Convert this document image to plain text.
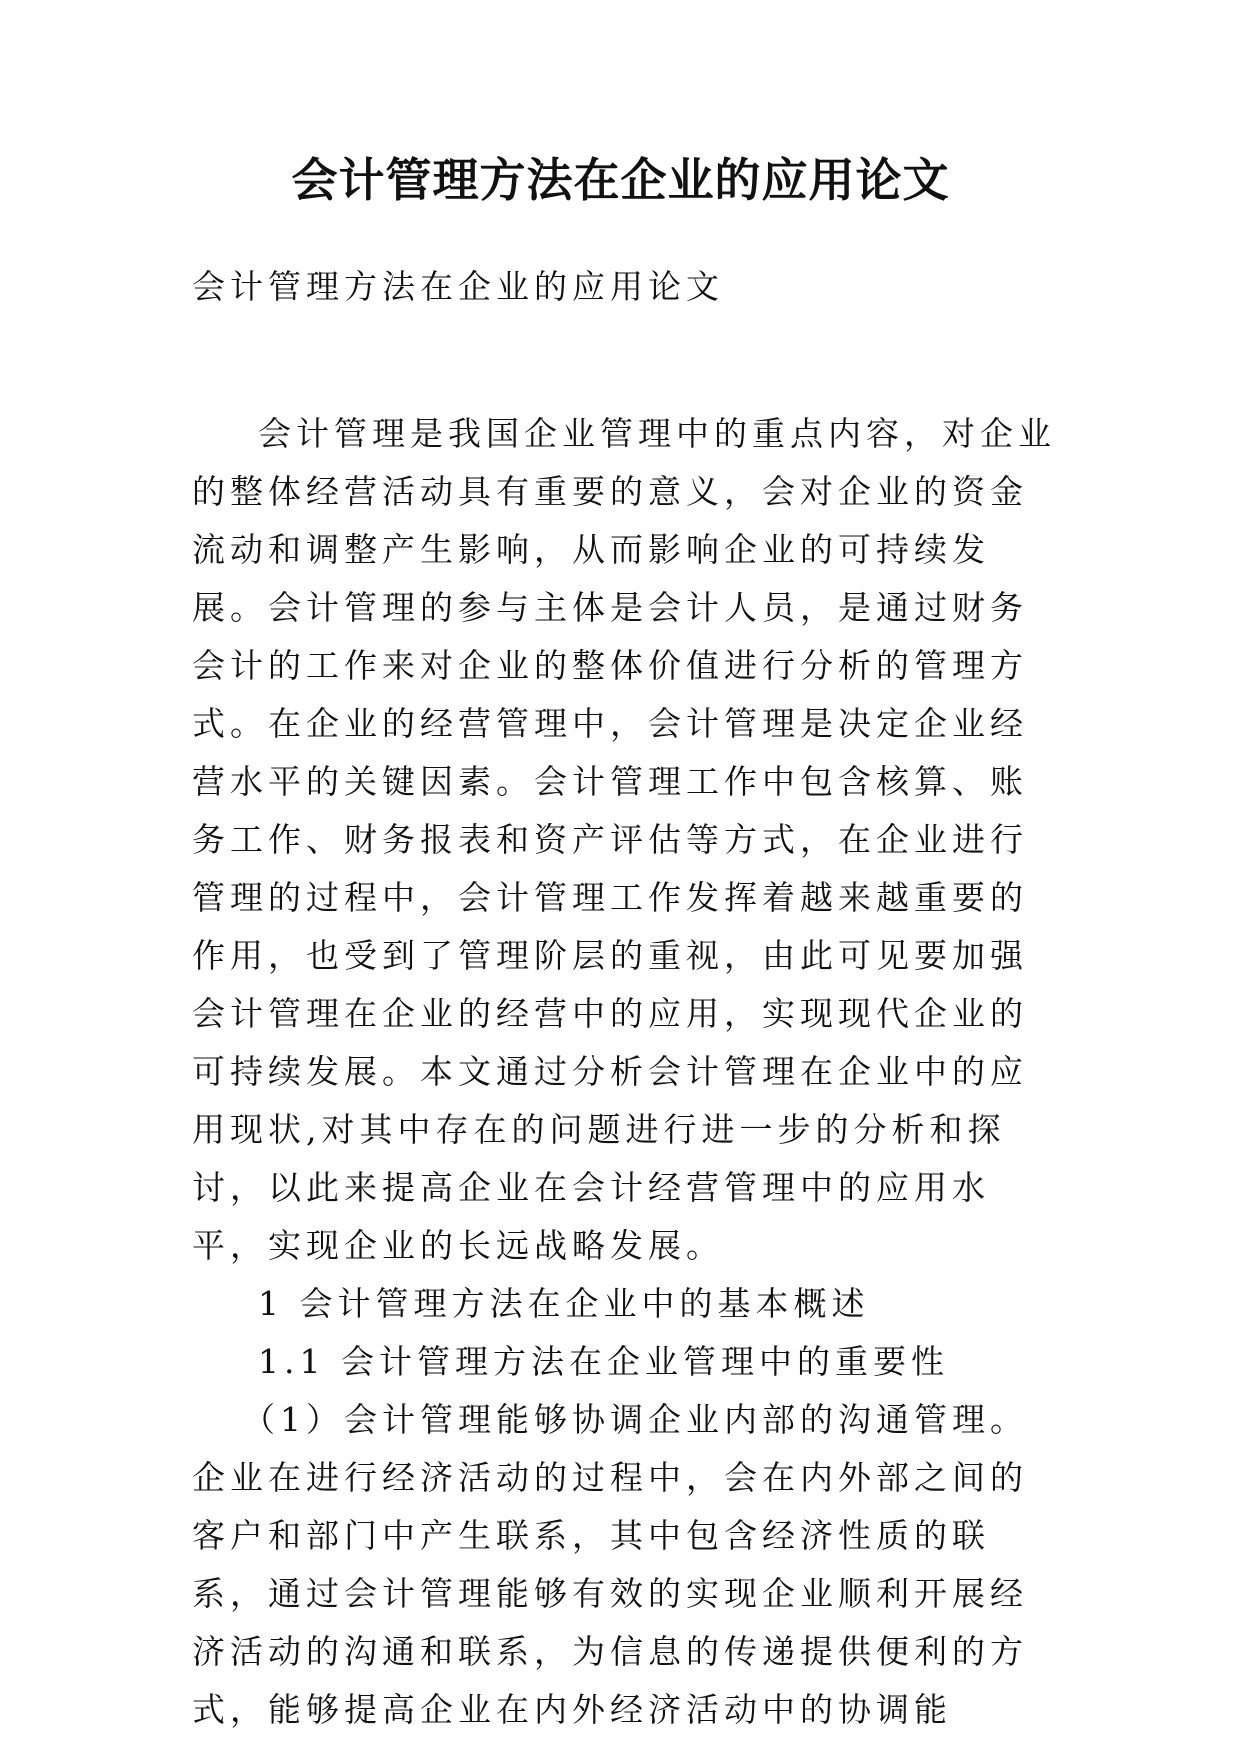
会计管理方法在企业的应用论文
会计管理方法在企业的应用论文

会计管理是我国企业管理中的重点内容，对企业的整体经营活动具有重要的意义，会对企业的资金流动和调整产生影响，从而影响企业的可持续发展。会计管理的参与主体是会计人员，是通过财务会计的工作来对企业的整体价值进行分析的管理方式。在企业的经营管理中，会计管理是决定企业经营水平的关键因素。会计管理工作中包含核算、账务工作、财务报表和资产评估等方式，在企业进行管理的过程中，会计管理工作发挥着越来越重要的作用，也受到了管理阶层的重视，由此可见要加强会计管理在企业的经营中的应用，实现现代企业的可持续发展。本文通过分析会计管理在企业中的应用现状,对其中存在的问题进行进一步的分析和探讨，以此来提高企业在会计经营管理中的应用水平，实现企业的长远战略发展。

1 会计管理方法在企业中的基本概述

1.1 会计管理方法在企业管理中的重要性

（1）会计管理能够协调企业内部的沟通管理。企业在进行经济活动的过程中，会在内外部之间的客户和部门中产生联系，其中包含经济性质的联系，通过会计管理能够有效的实现企业顺利开展经济活动的沟通和联系，为信息的传递提供便利的方式，能够提高企业在内外经济活动中的协调能
